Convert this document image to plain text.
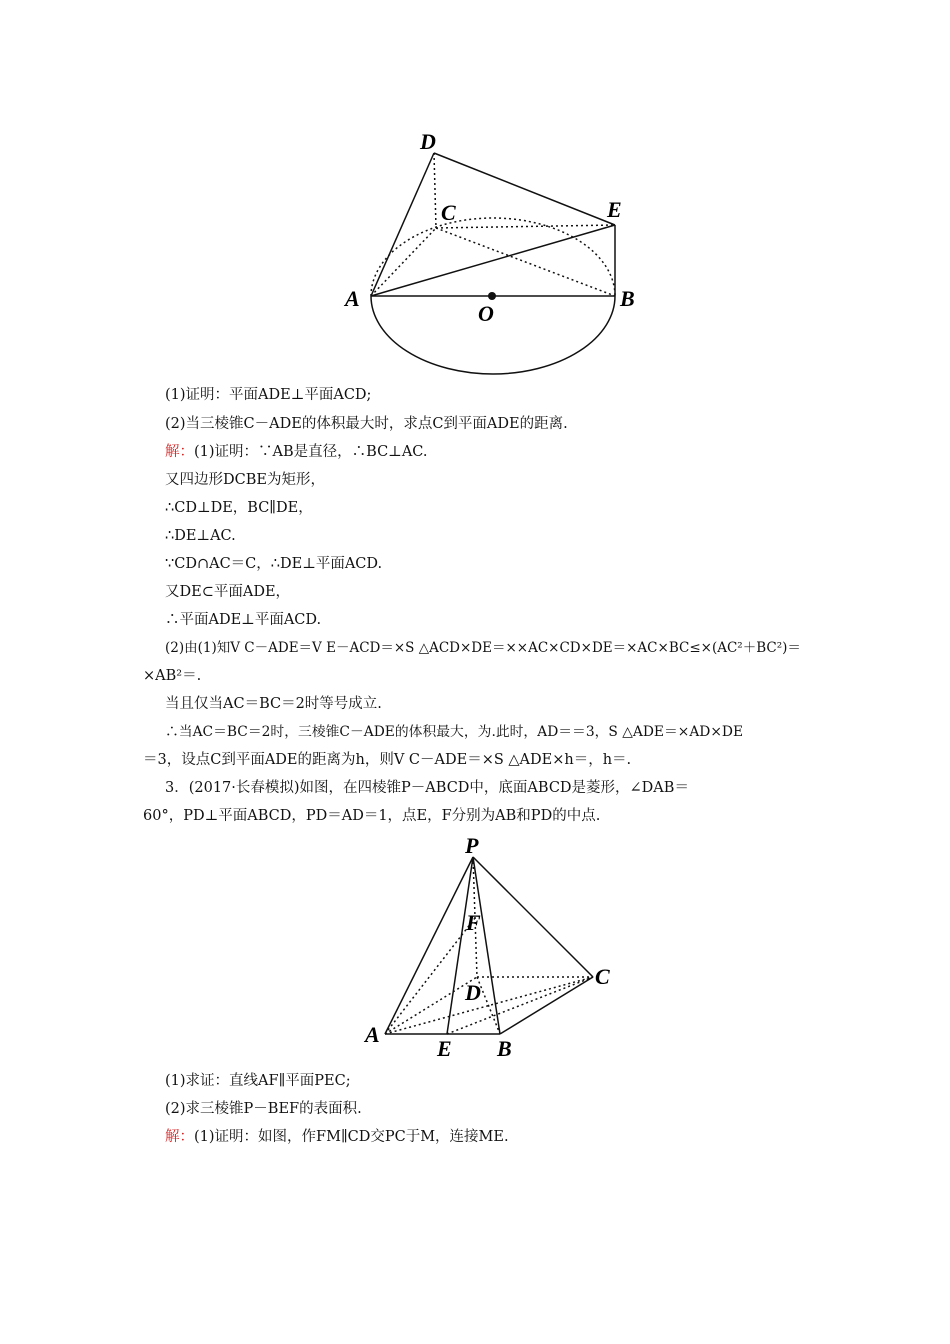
D
C	E
A	B
O
(1)证明：平面ADE⊥平面ACD;
(2)当三棱锥C－ADE的体积最大时，求点C到平面ADE的距离.
解：(1)证明：∵AB是直径，∴BC⊥AC.
又四边形DCBE为矩形，
∴CD⊥DE，BC∥DE，
∴DE⊥AC.
∵CD∩AC＝C，∴DE⊥平面ACD.
又DE⊂平面ADE，
∴平面ADE⊥平面ACD.
(2)由(1)知V C－ADE＝V E－ACD＝×S △ACD×DE＝××AC×CD×DE＝×AC×BC≤×(AC²＋BC²)＝
×AB²＝.
当且仅当AC＝BC＝2时等号成立.
∴当AC＝BC＝2时，三棱锥C－ADE的体积最大，为.此时，AD＝＝3，S △ADE＝×AD×DE
＝3，设点C到平面ADE的距离为h，则V C－ADE＝×S △ADE×h＝，h＝.
3．(2017·长春模拟)如图，在四棱锥P－ABCD中，底面ABCD是菱形，∠DAB＝
60°，PD⊥平面ABCD，PD＝AD＝1，点E，F分别为AB和PD的中点.
P
F
C
D
A
E B
(1)求证：直线AF∥平面PEC;
(2)求三棱锥P－BEF的表面积.
解：(1)证明：如图，作FM∥CD交PC于M，连接ME.
